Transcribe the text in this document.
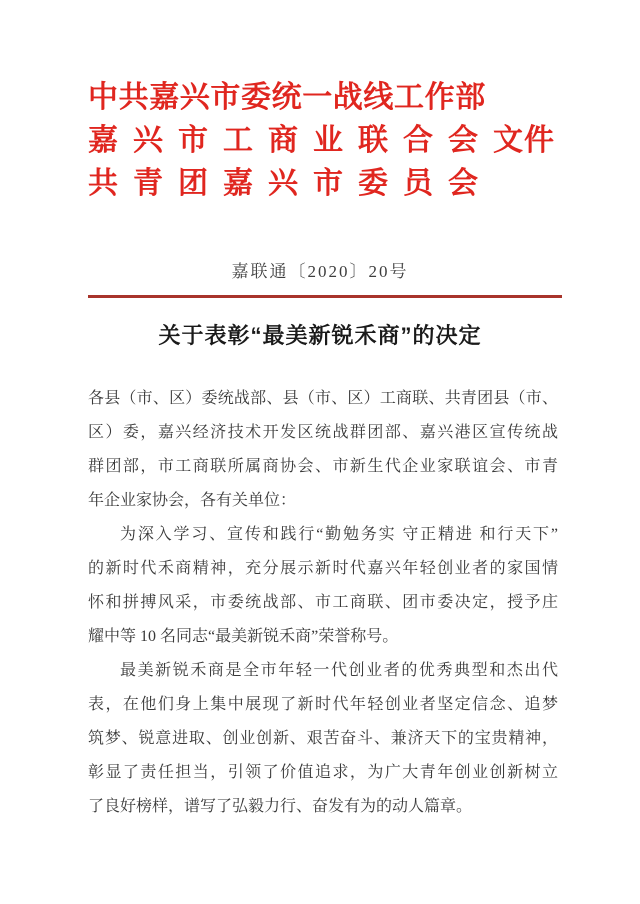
中共嘉兴市委统一战线工作部
嘉兴市工商业联合会文件
共青团嘉兴市委员会
嘉联通〔2020〕20号
关于表彰“最美新锐禾商”的决定
各县（市、区）委统战部、县（市、区）工商联、共青团县（市、
区）委，嘉兴经济技术开发区统战群团部、嘉兴港区宣传统战
群团部，市工商联所属商协会、市新生代企业家联谊会、市青
年企业家协会，各有关单位：
为深入学习、宣传和践行“勤勉务实 守正精进 和行天下”
的新时代禾商精神，充分展示新时代嘉兴年轻创业者的家国情
怀和拼搏风采，市委统战部、市工商联、团市委决定，授予庄
耀中等 10 名同志“最美新锐禾商”荣誉称号。
最美新锐禾商是全市年轻一代创业者的优秀典型和杰出代
表，在他们身上集中展现了新时代年轻创业者坚定信念、追梦
筑梦、锐意进取、创业创新、艰苦奋斗、兼济天下的宝贵精神，
彰显了责任担当，引领了价值追求，为广大青年创业创新树立
了良好榜样，谱写了弘毅力行、奋发有为的动人篇章。
